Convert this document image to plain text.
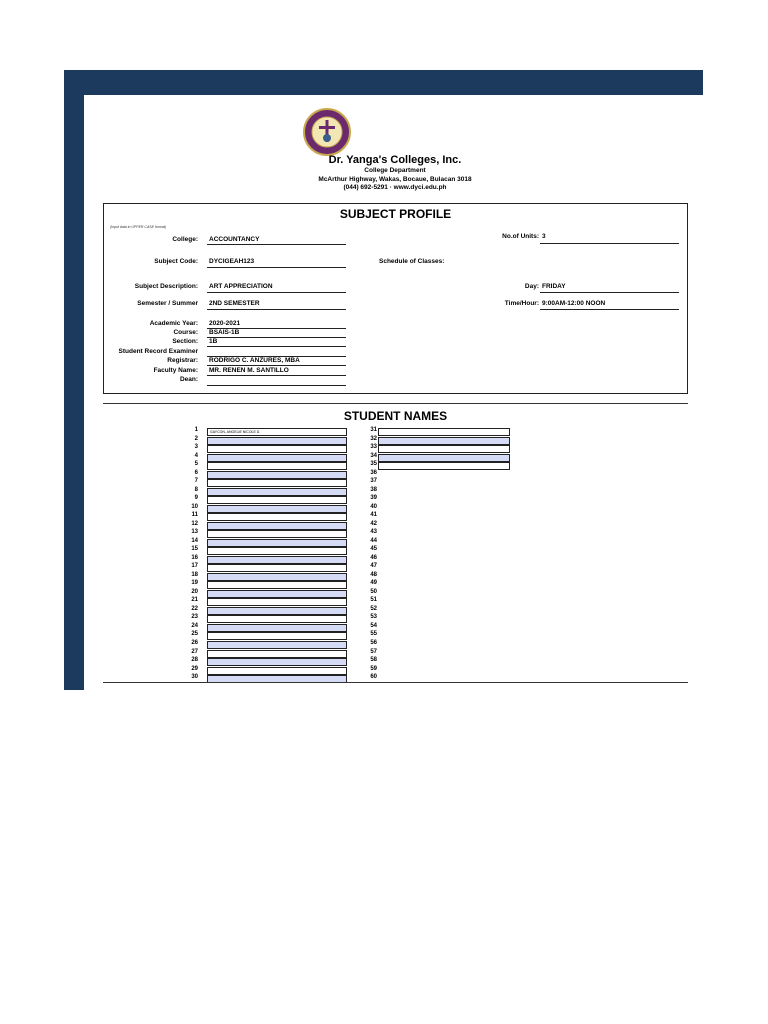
Dr. Yanga's Colleges, Inc.
College Department
McArthur Highway, Wakas, Bocaue, Bulacan 3018
(044) 692-5291 · www.dyci.edu.ph
SUBJECT PROFILE
(Input data in UPPER CASE format)
College: ACCOUNTANCY	No.of Units: 3
Subject Code: DYCIGEAH123	Schedule of Classes:
Subject Description: ART APPRECIATION	Day: FRIDAY
Semester / Summer 2ND SEMESTER	Time/Hour: 9:00AM-12:00 NOON
Academic Year: 2020-2021
Course: BSAIS-1B
Section: 1B
Student Record Examiner
Registrar: RODRIGO C. ANZURES, MBA
Faculty Name: MR. RENEN M. SANTILLO
Dean:
STUDENT NAMES
1	GAYCON, ANGELIE NICOLE D.
2
3
4
5
6
7
8
9
10
11
12
13
14
15
16
17
18
19
20
21
22
23
24
25
26
27
28
29
30
31
32
33
34
35
36
37
38
39
40
41
42
43
44
45
46
47
48
49
50
51
52
53
54
55
56
57
58
59
60
